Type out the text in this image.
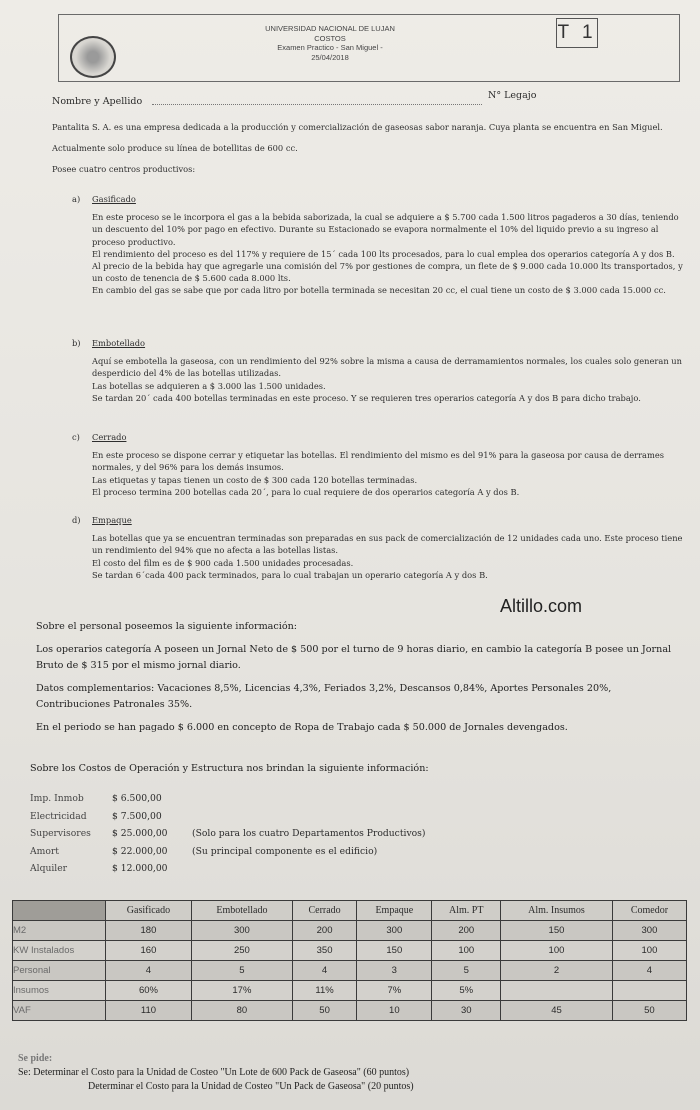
UNIVERSIDAD NACIONAL DE LUJAN
COSTOS
Examen Practico - San Miguel -
25/04/2018
T 1
Nombre y Apellido
N° Legajo

Pantalita S. A. es una empresa dedicada a la producción y comercialización de gaseosas sabor naranja. Cuya planta se encuentra en San Miguel.

Actualmente solo produce su línea de botellitas de 600 cc.

Posee cuatro centros productivos:

a) Gasificado

En este proceso se le incorpora el gas a la bebida saborizada, la cual se adquiere a $ 5.700 cada 1.500 litros pagaderos a 30 días, teniendo un descuento del 10% por pago en efectivo. Durante su Estacionado se evapora normalmente el 10% del liquido previo a su ingreso al proceso productivo.

El rendimiento del proceso es del 117% y requiere de 15´ cada 100 lts procesados, para lo cual emplea dos operarios categoría A y dos B.

Al precio de la bebida hay que agregarle una comisión del 7% por gestiones de compra, un flete de $ 9.000 cada 10.000 lts transportados, y un costo de tenencia de $ 5.600 cada 8.000 lts.

En cambio del gas se sabe que por cada litro por botella terminada se necesitan 20 cc, el cual tiene un costo de $ 3.000 cada 15.000 cc.

b) Embotellado

Aquí se embotella la gaseosa, con un rendimiento del 92% sobre la misma a causa de derramamientos normales, los cuales solo generan un desperdicio del 4% de las botellas utilizadas.

Las botellas se adquieren a $ 3.000 las 1.500 unidades.

Se tardan 20´ cada 400 botellas terminadas en este proceso. Y se requieren tres operarios categoría A y dos B para dicho trabajo.

c) Cerrado

En este proceso se dispone cerrar y etiquetar las botellas. El rendimiento del mismo es del 91% para la gaseosa por causa de derrames normales, y del 96% para los demás insumos.

Las etiquetas y tapas tienen un costo de $ 300 cada 120 botellas terminadas.

El proceso termina 200 botellas cada 20´, para lo cual requiere de dos operarios categoría A y dos B.

d) Empaque

Las botellas que ya se encuentran terminadas son preparadas en sus pack de comercialización de 12 unidades cada uno. Este proceso tiene un rendimiento del 94% que no afecta a las botellas listas.

El costo del film es de $ 900 cada 1.500 unidades procesadas.

Se tardan 6´cada 400 pack terminados, para lo cual trabajan un operario categoría A y dos B.

Altillo.com

Sobre el personal poseemos la siguiente información:

Los operarios categoría A poseen un Jornal Neto de $ 500 por el turno de 9 horas diario, en cambio la categoría B posee un Jornal Bruto de $ 315 por el mismo jornal diario.

Datos complementarios: Vacaciones 8,5%, Licencias 4,3%, Feriados 3,2%, Descansos 0,84%, Aportes Personales 20%, Contribuciones Patronales 35%.

En el periodo se han pagado $ 6.000 en concepto de Ropa de Trabajo cada $ 50.000 de Jornales devengados.

Sobre los Costos de Operación y Estructura nos brindan la siguiente información:
Imp. Inmob	$ 6.500,00
Electricidad	$ 7.500,00
Supervisores	$ 25.000,00	(Solo para los cuatro Departamentos Productivos)
Amort	$ 22.000,00	(Su principal componente es el edificio)
Alquiler	$ 12.000,00
	Gasificado	Embotellado	Cerrado	Empaque	Alm. PT	Alm. Insumos	Comedor
M2	180	300	200	300	200	150	300
KW Instalados	160	250	350	150	100	100	100
Personal	4	5	4	3	5	2	4
Insumos	60%	17%	11%	7%	5%		
VAF	110	80	50	10	30	45	50
Se pide:
Se: Determinar el Costo para la Unidad de Costeo "Un Lote de 600 Pack de Gaseosa" (60 puntos)
Determinar el Costo para la Unidad de Costeo "Un Pack de Gaseosa" (20 puntos)
